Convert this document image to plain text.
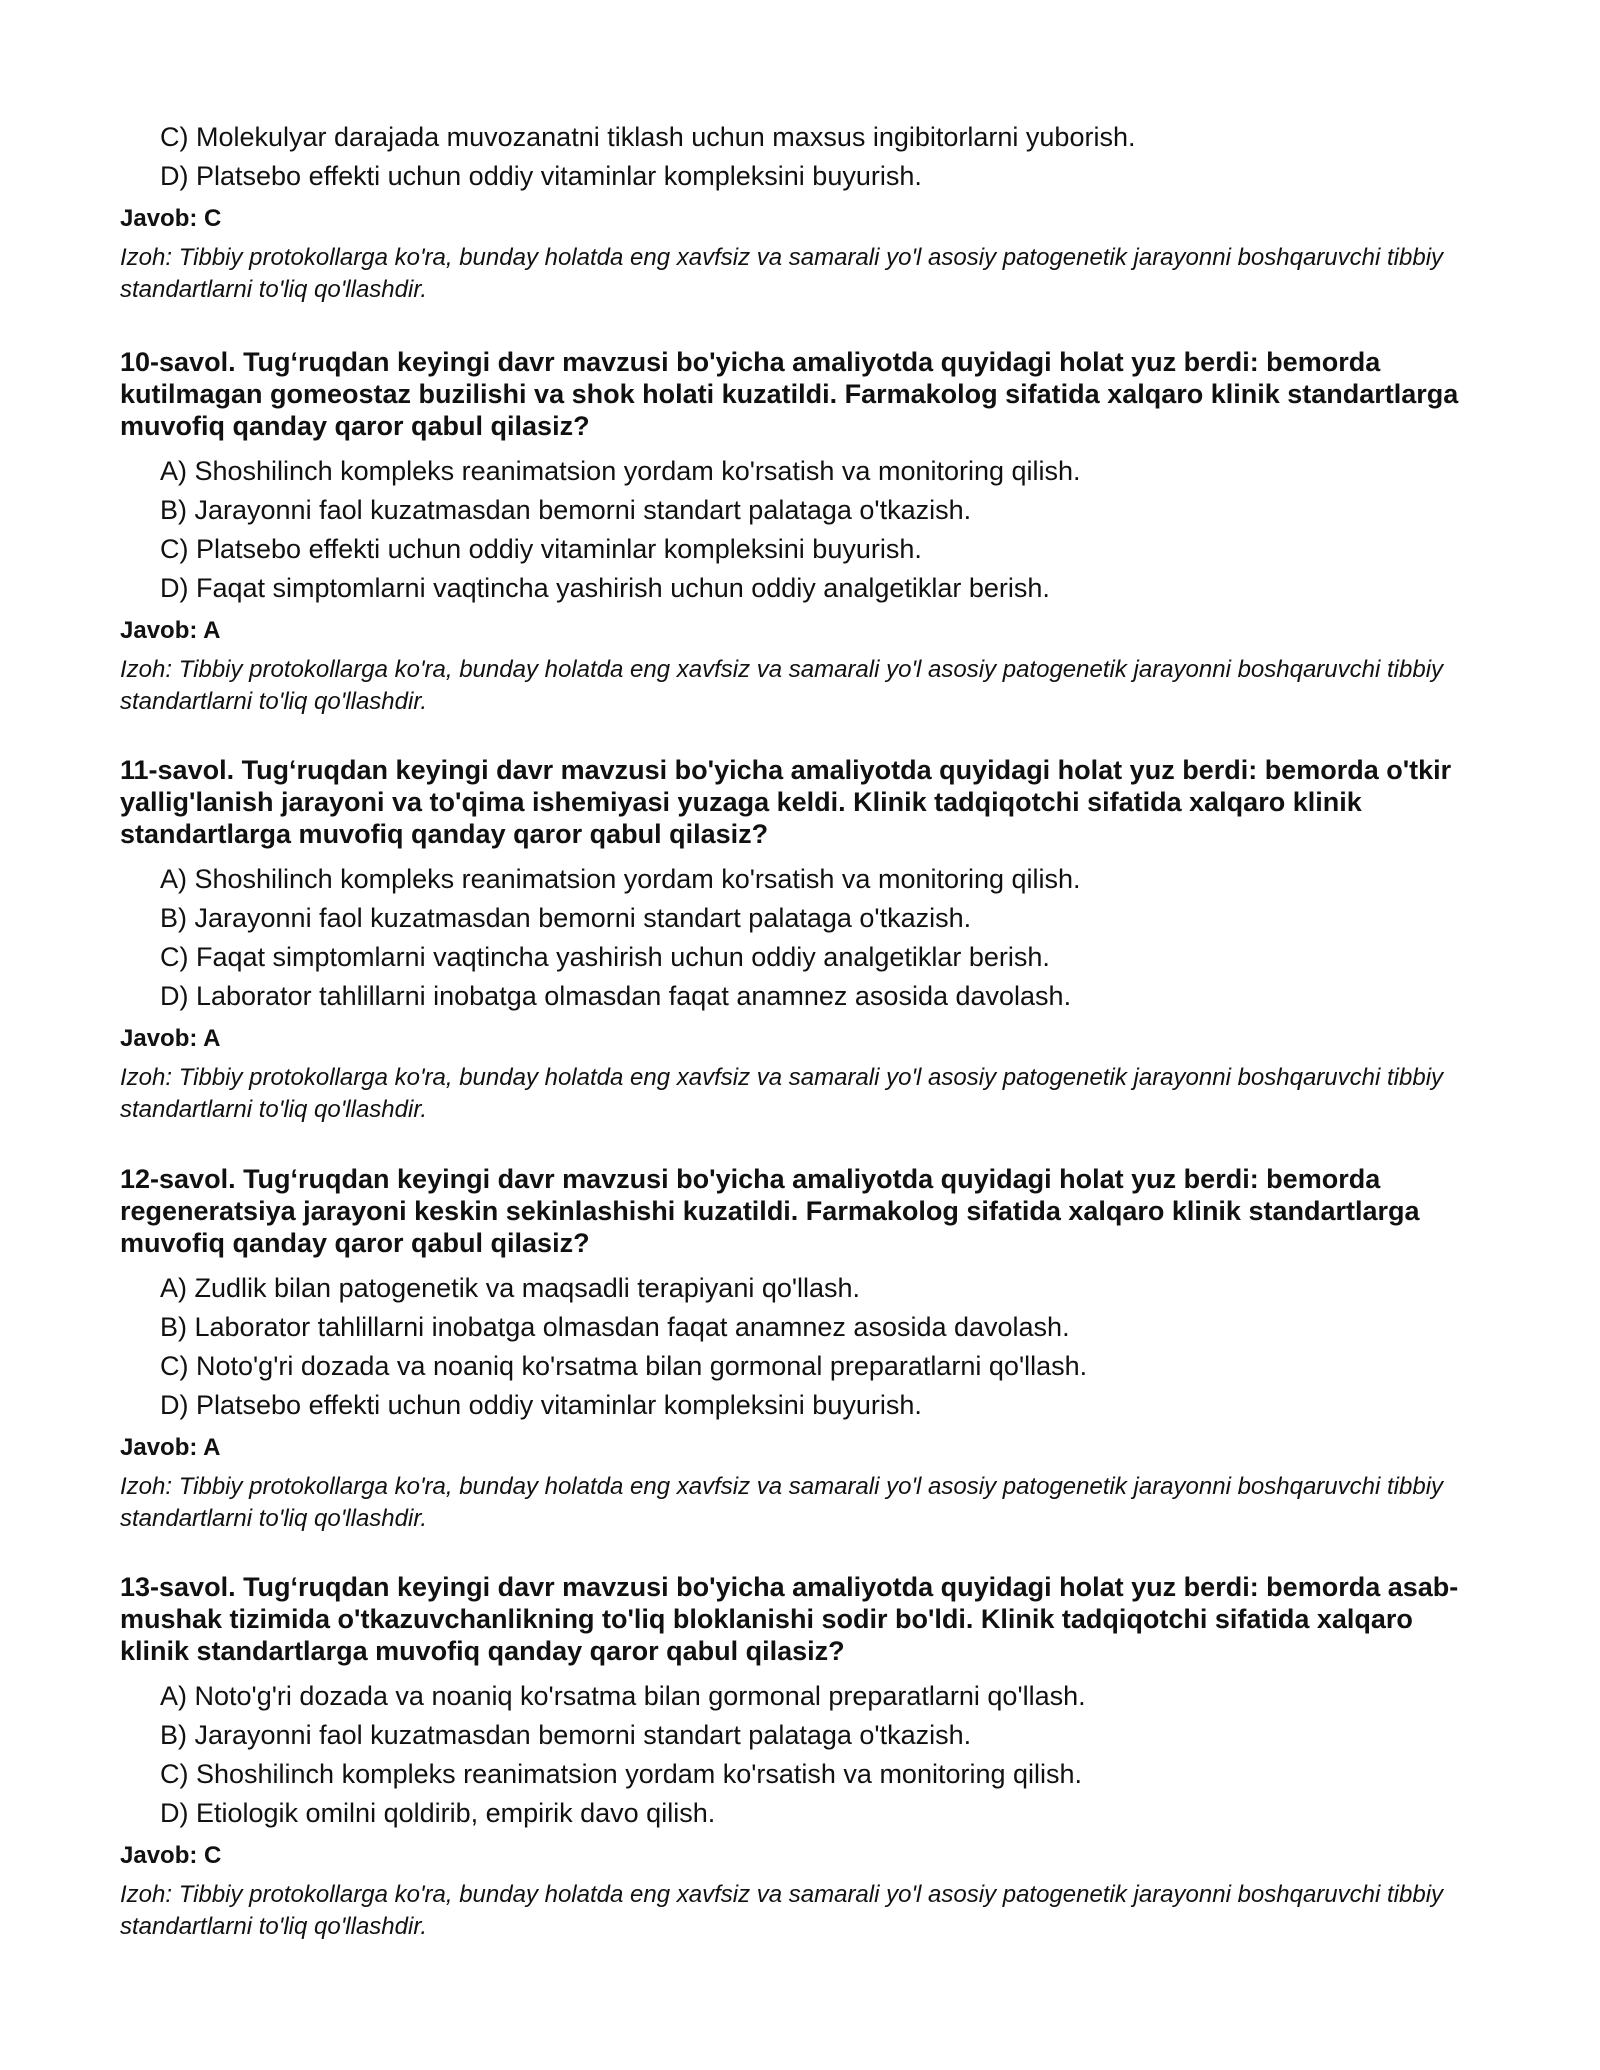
C) Molekulyar darajada muvozanatni tiklash uchun maxsus ingibitorlarni yuborish.
D) Platsebo effekti uchun oddiy vitaminlar kompleksini buyurish.
Javob: C
Izoh: Tibbiy protokollarga ko'ra, bunday holatda eng xavfsiz va samarali yo'l asosiy patogenetik jarayonni boshqaruvchi tibbiy standartlarni to'liq qo'llashdir.
10-savol. Tug‘ruqdan keyingi davr mavzusi bo'yicha amaliyotda quyidagi holat yuz berdi: bemorda kutilmagan gomeostaz buzilishi va shok holati kuzatildi. Farmakolog sifatida xalqaro klinik standartlarga muvofiq qanday qaror qabul qilasiz?
A) Shoshilinch kompleks reanimatsion yordam ko'rsatish va monitoring qilish.
B) Jarayonni faol kuzatmasdan bemorni standart palataga o'tkazish.
C) Platsebo effekti uchun oddiy vitaminlar kompleksini buyurish.
D) Faqat simptomlarni vaqtincha yashirish uchun oddiy analgetiklar berish.
Javob: A
Izoh: Tibbiy protokollarga ko'ra, bunday holatda eng xavfsiz va samarali yo'l asosiy patogenetik jarayonni boshqaruvchi tibbiy standartlarni to'liq qo'llashdir.
11-savol. Tug‘ruqdan keyingi davr mavzusi bo'yicha amaliyotda quyidagi holat yuz berdi: bemorda o'tkir yallig'lanish jarayoni va to'qima ishemiyasi yuzaga keldi. Klinik tadqiqotchi sifatida xalqaro klinik standartlarga muvofiq qanday qaror qabul qilasiz?
A) Shoshilinch kompleks reanimatsion yordam ko'rsatish va monitoring qilish.
B) Jarayonni faol kuzatmasdan bemorni standart palataga o'tkazish.
C) Faqat simptomlarni vaqtincha yashirish uchun oddiy analgetiklar berish.
D) Laborator tahlillarni inobatga olmasdan faqat anamnez asosida davolash.
Javob: A
Izoh: Tibbiy protokollarga ko'ra, bunday holatda eng xavfsiz va samarali yo'l asosiy patogenetik jarayonni boshqaruvchi tibbiy standartlarni to'liq qo'llashdir.
12-savol. Tug‘ruqdan keyingi davr mavzusi bo'yicha amaliyotda quyidagi holat yuz berdi: bemorda regeneratsiya jarayoni keskin sekinlashishi kuzatildi. Farmakolog sifatida xalqaro klinik standartlarga muvofiq qanday qaror qabul qilasiz?
A) Zudlik bilan patogenetik va maqsadli terapiyani qo'llash.
B) Laborator tahlillarni inobatga olmasdan faqat anamnez asosida davolash.
C) Noto'g'ri dozada va noaniq ko'rsatma bilan gormonal preparatlarni qo'llash.
D) Platsebo effekti uchun oddiy vitaminlar kompleksini buyurish.
Javob: A
Izoh: Tibbiy protokollarga ko'ra, bunday holatda eng xavfsiz va samarali yo'l asosiy patogenetik jarayonni boshqaruvchi tibbiy standartlarni to'liq qo'llashdir.
13-savol. Tug‘ruqdan keyingi davr mavzusi bo'yicha amaliyotda quyidagi holat yuz berdi: bemorda asab-mushak tizimida o'tkazuvchanlikning to'liq bloklanishi sodir bo'ldi. Klinik tadqiqotchi sifatida xalqaro klinik standartlarga muvofiq qanday qaror qabul qilasiz?
A) Noto'g'ri dozada va noaniq ko'rsatma bilan gormonal preparatlarni qo'llash.
B) Jarayonni faol kuzatmasdan bemorni standart palataga o'tkazish.
C) Shoshilinch kompleks reanimatsion yordam ko'rsatish va monitoring qilish.
D) Etiologik omilni qoldirib, empirik davo qilish.
Javob: C
Izoh: Tibbiy protokollarga ko'ra, bunday holatda eng xavfsiz va samarali yo'l asosiy patogenetik jarayonni boshqaruvchi tibbiy standartlarni to'liq qo'llashdir.
